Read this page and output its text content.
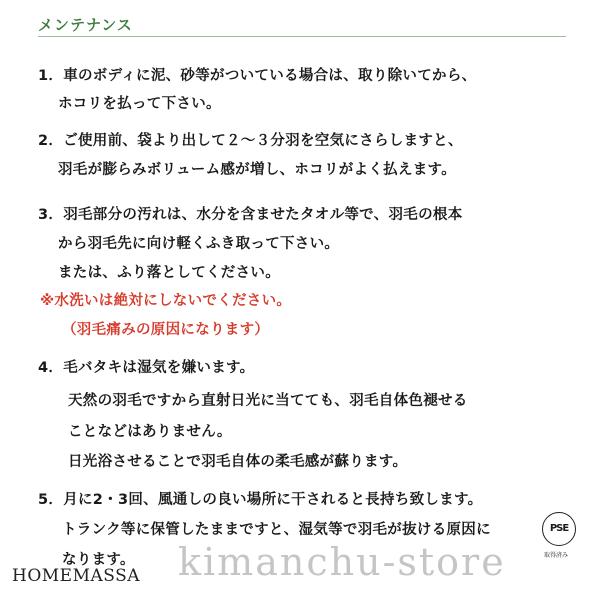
メンテナンス
1．車のボディに泥、砂等がついている場合は、取り除いてから、
ホコリを払って下さい。
2．ご使用前、袋より出して２～３分羽を空気にさらしますと、
羽毛が膨らみボリューム感が増し、ホコリがよく払えます。
3．羽毛部分の汚れは、水分を含ませたタオル等で、羽毛の根本
から羽毛先に向け軽くふき取って下さい。
または、ふり落としてください。
※水洗いは絶対にしないでください。
（羽毛痛みの原因になります）
4．毛バタキは湿気を嫌います。
天然の羽毛ですから直射日光に当てても、羽毛自体色褪せる
ことなどはありません。
日光浴させることで羽毛自体の柔毛感が蘇ります。
5．月に2・3回、風通しの良い場所に干されると長持ち致します。
トランク等に保管したままですと、湿気等で羽毛が抜ける原因に
なります。
PSE
取得済み
kimanchu-store
HOMEMASSA
